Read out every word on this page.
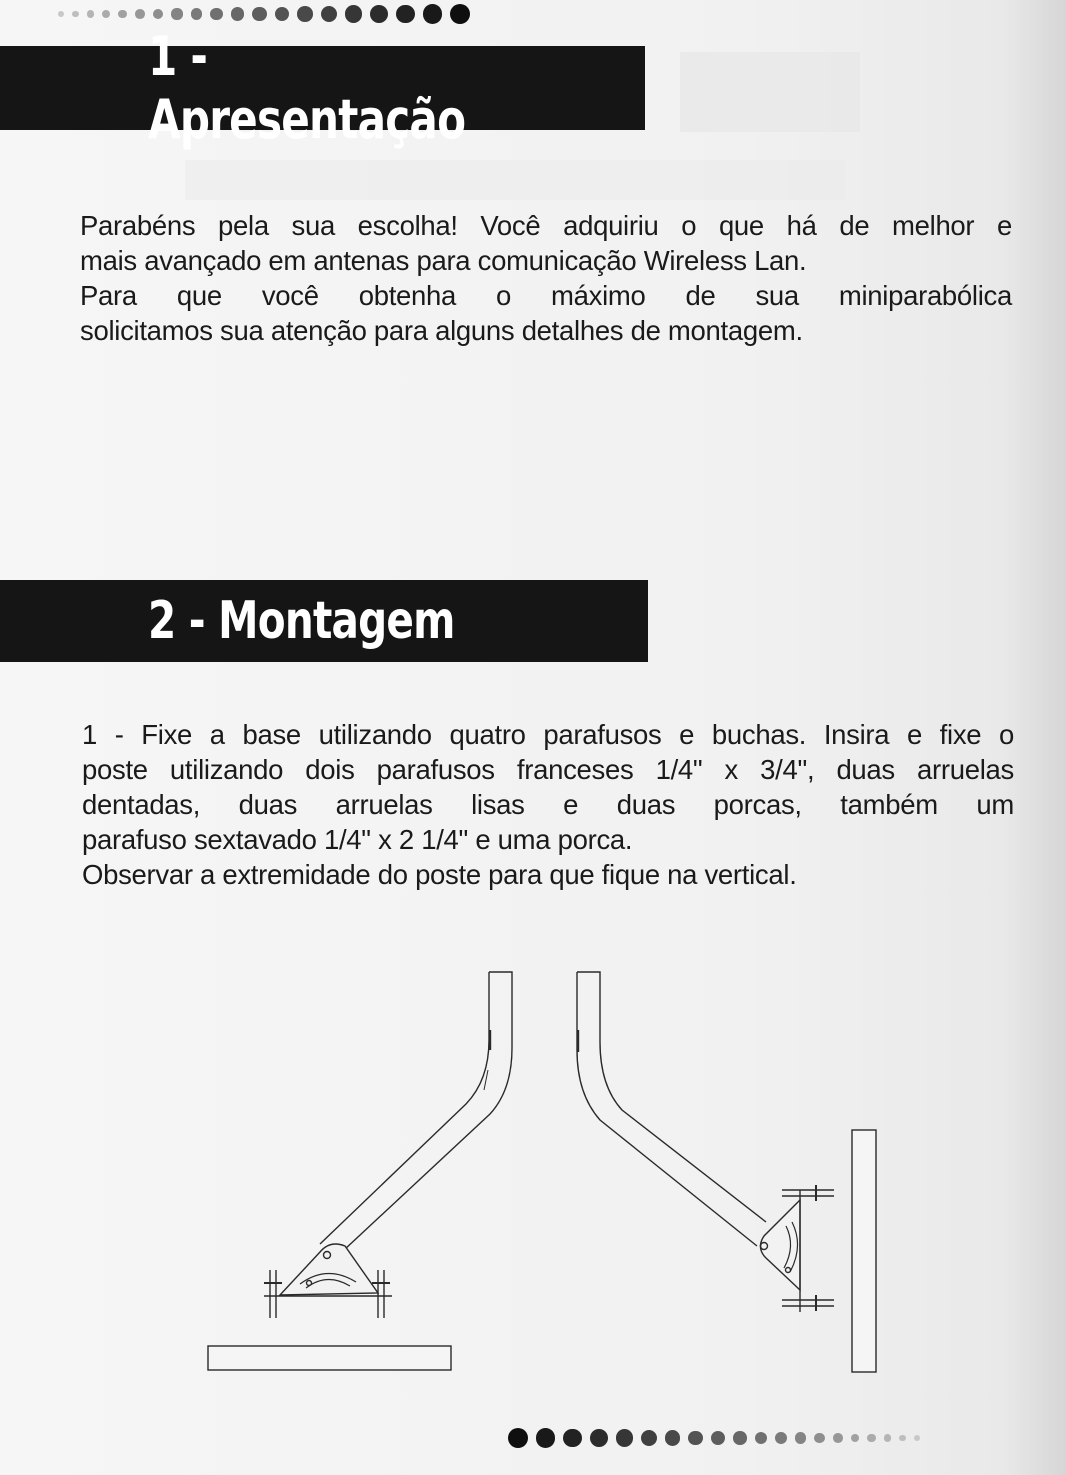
1 - Apresentação
Parabéns pela sua escolha! Você adquiriu o que há de melhor e
mais avançado em antenas para comunicação Wireless Lan.
Para que você obtenha o máximo de sua miniparabólica
solicitamos sua atenção para alguns detalhes de montagem.
2 - Montagem
1 - Fixe a base utilizando quatro parafusos e buchas. Insira e fixe o
poste utilizando dois parafusos franceses 1/4" x 3/4", duas arruelas
dentadas, duas arruelas lisas e duas porcas, também um
parafuso sextavado 1/4" x 2 1/4" e uma porca.
Observar a extremidade do poste para que fique na vertical.
